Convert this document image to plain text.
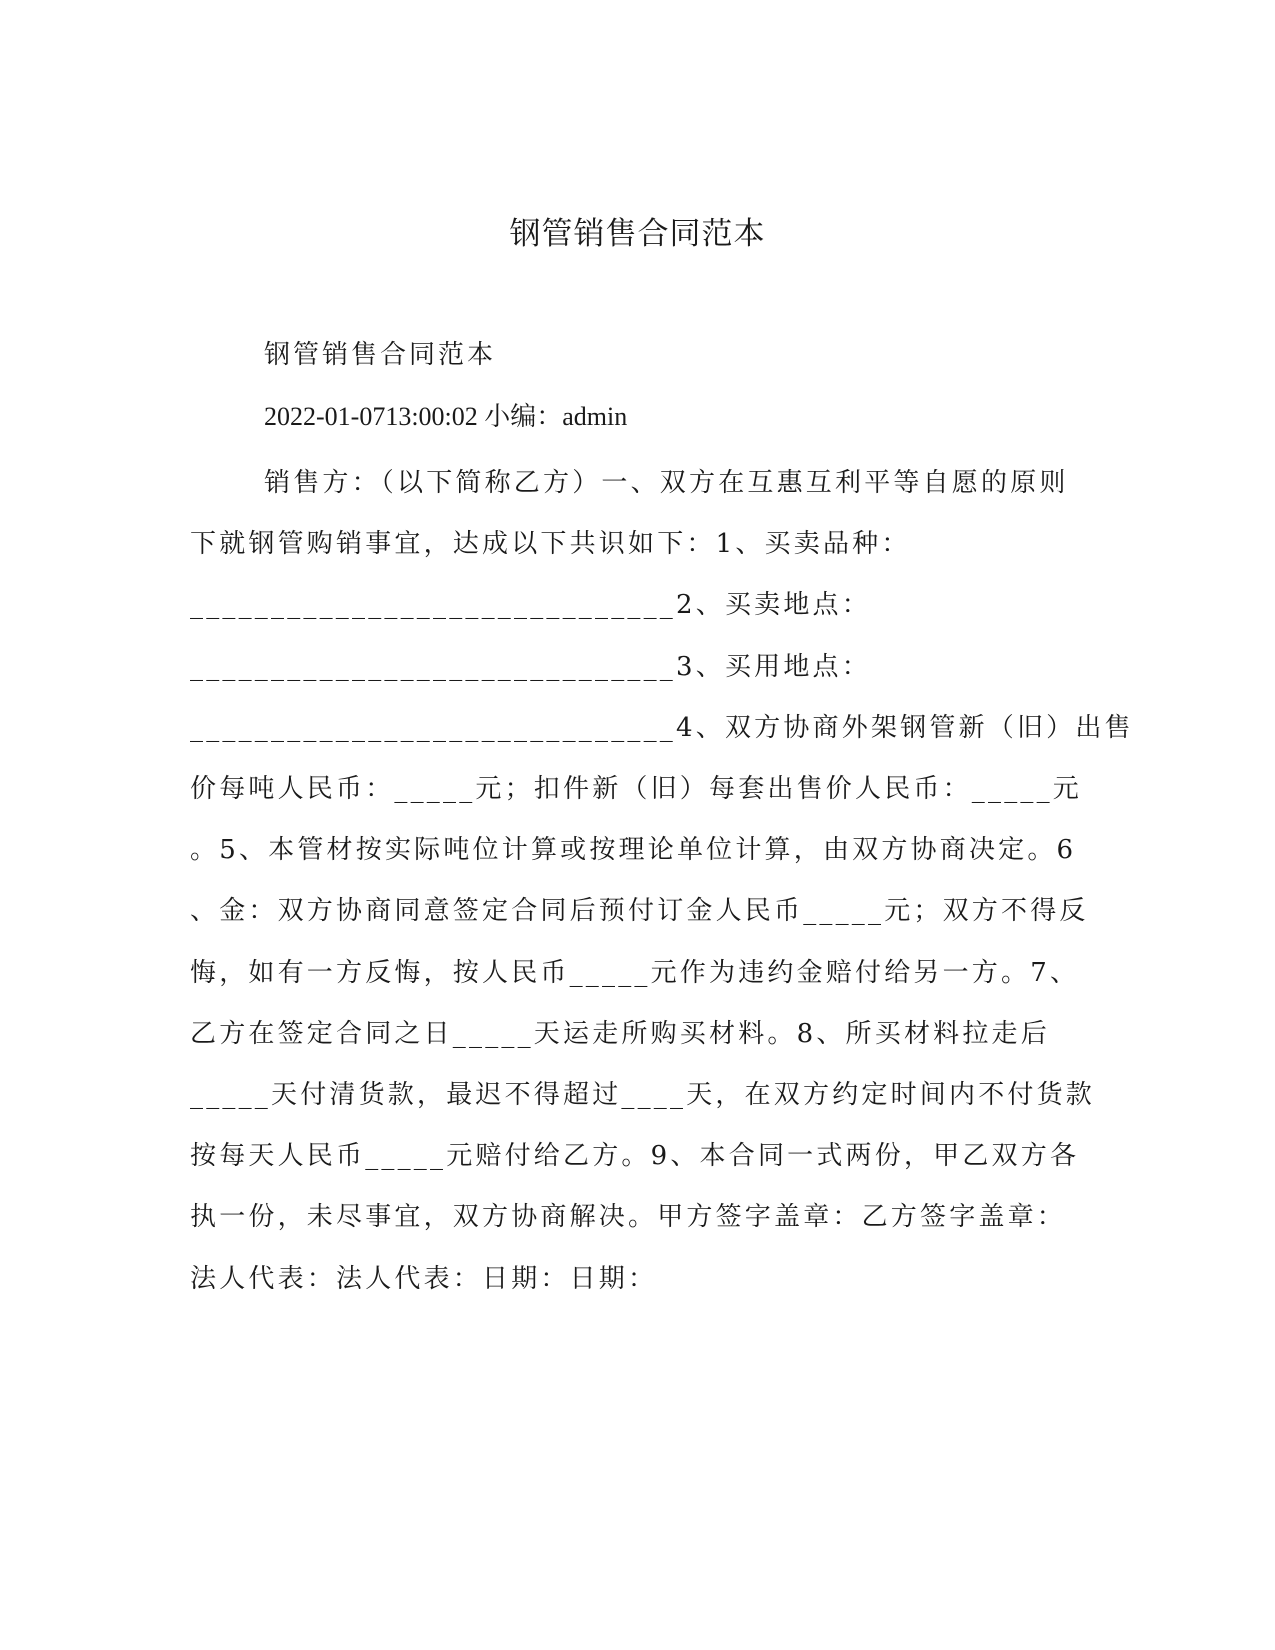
钢管销售合同范本
钢管销售合同范本
2022-01-0713:00:02 小编：admin
销售方：（以下简称乙方）一、双方在互惠互利平等自愿的原则
下就钢管购销事宜，达成以下共识如下：1、买卖品种：
______________________________2、买卖地点：
______________________________3、买用地点：
______________________________4、双方协商外架钢管新（旧）出售
价每吨人民币：_____元；扣件新（旧）每套出售价人民币：_____元
。5、本管材按实际吨位计算或按理论单位计算，由双方协商决定。6
、金：双方协商同意签定合同后预付订金人民币_____元；双方不得反
悔，如有一方反悔，按人民币_____元作为违约金赔付给另一方。7、
乙方在签定合同之日_____天运走所购买材料。8、所买材料拉走后
_____天付清货款，最迟不得超过____天，在双方约定时间内不付货款
按每天人民币_____元赔付给乙方。9、本合同一式两份，甲乙双方各
执一份，未尽事宜，双方协商解决。甲方签字盖章：乙方签字盖章：
法人代表：法人代表：日期：日期：
